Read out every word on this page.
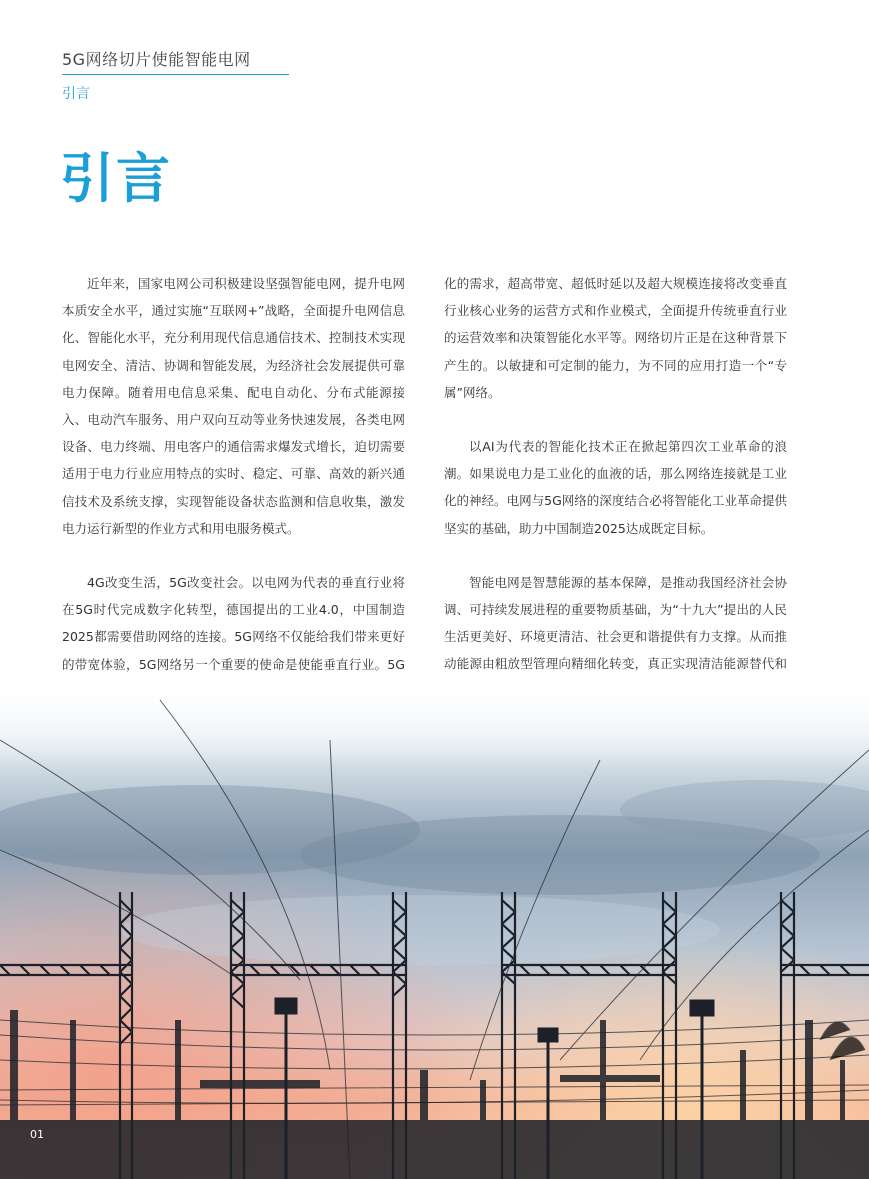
5G网络切片使能智能电网
引言
引言

近年来，国家电网公司积极建设坚强智能电网，提升电网本质安全水平，通过实施“互联网+”战略，全面提升电网信息化、智能化水平，充分利用现代信息通信技术、控制技术实现电网安全、清洁、协调和智能发展，为经济社会发展提供可靠电力保障。随着用电信息采集、配电自动化、分布式能源接入、电动汽车服务、用户双向互动等业务快速发展，各类电网设备、电力终端、用电客户的通信需求爆发式增长，迫切需要适用于电力行业应用特点的实时、稳定、可靠、高效的新兴通信技术及系统支撑，实现智能设备状态监测和信息收集，激发电力运行新型的作业方式和用电服务模式。

4G改变生活，5G改变社会。以电网为代表的垂直行业将在5G时代完成数字化转型，德国提出的工业4.0，中国制造2025都需要借助网络的连接。5G网络不仅能给我们带来更好的带宽体验，5G网络另一个重要的使命是使能垂直行业。5G

化的需求，超高带宽、超低时延以及超大规模连接将改变垂直行业核心业务的运营方式和作业模式，全面提升传统垂直行业的运营效率和决策智能化水平等。网络切片正是在这种背景下产生的。以敏捷和可定制的能力，为不同的应用打造一个“专属”网络。

以AI为代表的智能化技术正在掀起第四次工业革命的浪潮。如果说电力是工业化的血液的话，那么网络连接就是工业化的神经。电网与5G网络的深度结合必将智能化工业革命提供坚实的基础，助力中国制造2025达成既定目标。

智能电网是智慧能源的基本保障，是推动我国经济社会协调、可持续发展进程的重要物质基础，为“十九大”提出的人民生活更美好、环境更清洁、社会更和谐提供有力支撑。从而推动能源由粗放型管理向精细化转变，真正实现清洁能源替代和

01
